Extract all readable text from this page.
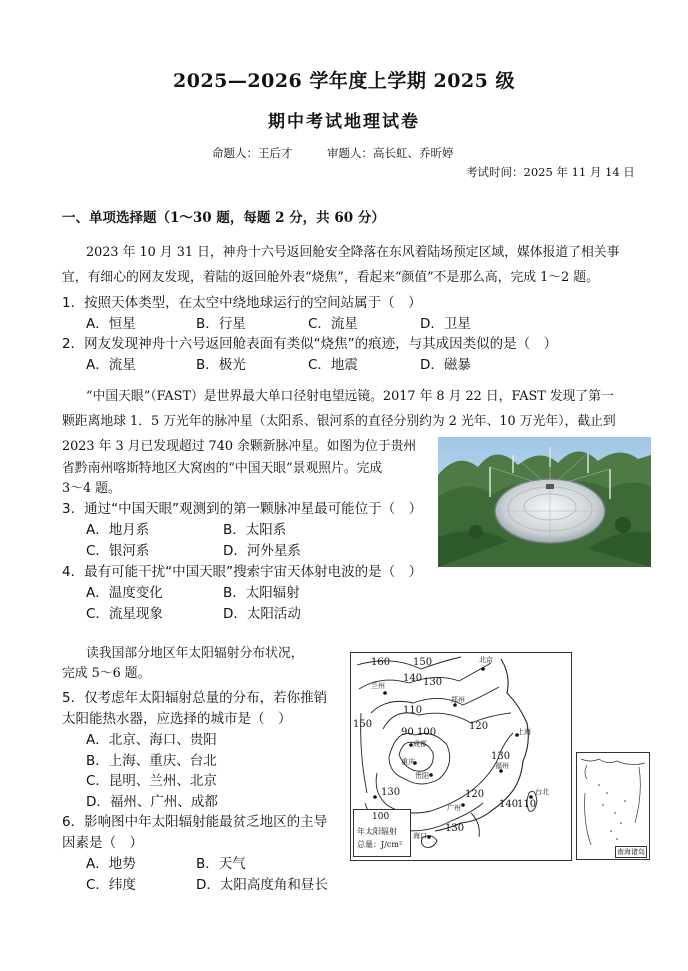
2025—2026 学年度上学期 2025 级
期中考试地理试卷
命题人：王后才　　　审题人：高长虹、乔昕婷
考试时间：2025 年 11 月 14 日
一、单项选择题（1～30 题，每题 2 分，共 60 分）
2023 年 10 月 31 日，神舟十六号返回舱安全降落在东风着陆场预定区域，媒体报道了相关事
宜，有细心的网友发现，着陆的返回舱外表“烧焦”，看起来“颜值”不是那么高，完成 1～2 题。
1．按照天体类型，在太空中绕地球运行的空间站属于（　）
A．恒星	B．行星	C．流星	D．卫星
2．网友发现神舟十六号返回舱表面有类似“烧焦”的痕迹，与其成因类似的是（　）
A．流星	B．极光	C．地震	D．磁暴
“中国天眼”（FAST）是世界最大单口径射电望远镜。2017 年 8 月 22 日，FAST 发现了第一
颗距离地球 1．5 万光年的脉冲星（太阳系、银河系的直径分别约为 2 光年、10 万光年），截止到
2023 年 3 月已发现超过 740 余颗新脉冲星。如图为位于贵州
省黔南州喀斯特地区大窝凼的“中国天眼”景观照片。完成
3～4 题。
3．通过“中国天眼”观测到的第一颗脉冲星最可能位于（　）
A．地月系	B．太阳系
C．银河系	D．河外星系
4．最有可能干扰“中国天眼”搜索宇宙天体射电波的是（　）
A．温度变化	B．太阳辐射
C．流星现象	D．太阳活动
读我国部分地区年太阳辐射分布状况，
完成 5～6 题。
5．仅考虑年太阳辐射总量的分布，若你推销
太阳能热水器，应选择的城市是（　）
A．北京、海口、贵阳
B．上海、重庆、台北
C．昆明、兰州、北京
D．福州、广州、成都
6．影响图中年太阳辐射能最贫乏地区的主导
因素是（　）
A．地势	B．天气
C．纬度	D．太阳高度角和昼长
160 150
140 130
150
110
90 100
120
130
140
110
120
130
130
北京
兰州
郑州
上海
成都
重庆
贵阳
福州
台北
广州
海口
100
年太阳辐射
总量：J/cm²
南海诸岛
